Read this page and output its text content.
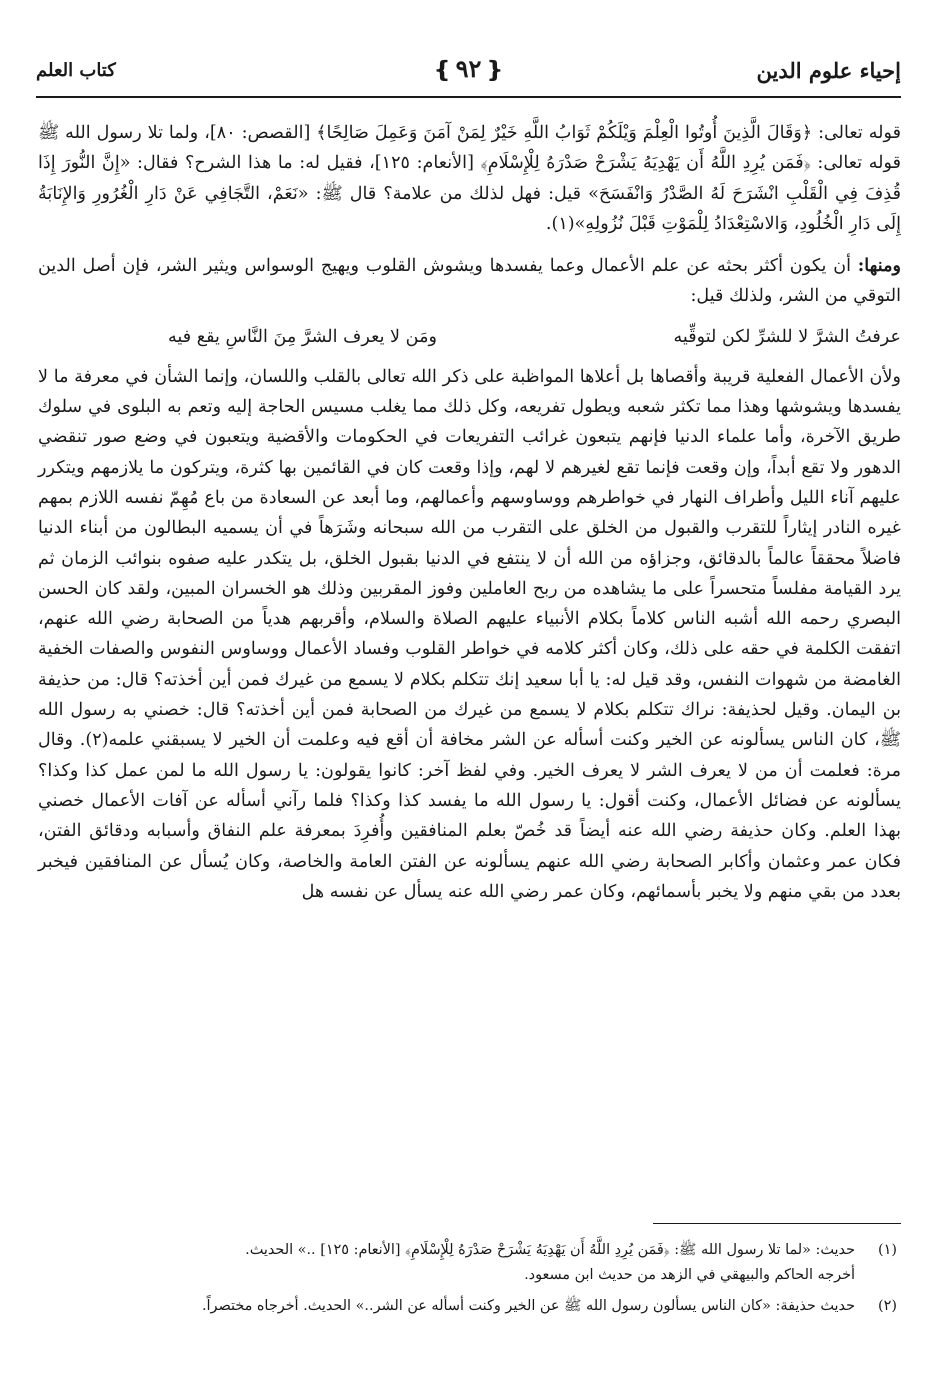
إحياء علوم الدين
❴٩٢❵
كتاب العلم

قوله تعالى: ﴿وَقَالَ الَّذِينَ أُوتُوا الْعِلْمَ وَيْلَكُمْ ثَوَابُ اللَّهِ خَيْرٌ لِمَنْ آمَنَ وَعَمِلَ صَالِحًا﴾ [القصص: ٨٠]، ولما تلا رسول الله ﷺ قوله تعالى: ﴿فَمَن يُرِدِ اللَّهُ أَن يَهْدِيَهُ يَشْرَحْ صَدْرَهُ لِلْإِسْلَامِ﴾ [الأنعام: ١٢٥]، فقيل له: ما هذا الشرح؟ فقال: «إِنَّ النُّورَ إِذَا قُذِفَ فِي الْقَلْبِ انْشَرَحَ لَهُ الصَّدْرُ وَانْفَسَحَ» قيل: فهل لذلك من علامة؟ قال ﷺ: «نَعَمْ، التَّجَافِي عَنْ دَارِ الْغُرُورِ وَالإِنَابَةُ إِلَى دَارِ الْخُلُودِ، وَالاسْتِعْدَادُ لِلْمَوْتِ قَبْلَ نُزُولِهِ»(١).

ومنها: أن يكون أكثر بحثه عن علم الأعمال وعما يفسدها ويشوش القلوب ويهيج الوسواس ويثير الشر، فإن أصل الدين التوقي من الشر، ولذلك قيل:

عرفتُ الشرَّ لا للشرِّ لكن لتوقِّيه
ومَن لا يعرف الشرَّ مِنَ النَّاسِ يقع فيه

ولأن الأعمال الفعلية قريبة وأقصاها بل أعلاها المواظبة على ذكر الله تعالى بالقلب واللسان، وإنما الشأن في معرفة ما لا يفسدها ويشوشها وهذا مما تكثر شعبه ويطول تفريعه، وكل ذلك مما يغلب مسيس الحاجة إليه وتعم به البلوى في سلوك طريق الآخرة، وأما علماء الدنيا فإنهم يتبعون غرائب التفريعات في الحكومات والأقضية ويتعبون في وضع صور تنقضي الدهور ولا تقع أبداً، وإن وقعت فإنما تقع لغيرهم لا لهم، وإذا وقعت كان في القائمين بها كثرة، ويتركون ما يلازمهم ويتكرر عليهم آناء الليل وأطراف النهار في خواطرهم ووساوسهم وأعمالهم، وما أبعد عن السعادة من باع مُهِمّ نفسه اللازم بمهم غيره النادر إيثاراً للتقرب والقبول من الخلق على التقرب من الله سبحانه وشَرَهاً في أن يسميه البطالون من أبناء الدنيا فاضلاً محققاً عالماً بالدقائق، وجزاؤه من الله أن لا ينتفع في الدنيا بقبول الخلق، بل يتكدر عليه صفوه بنوائب الزمان ثم يرد القيامة مفلساً متحسراً على ما يشاهده من ربح العاملين وفوز المقربين وذلك هو الخسران المبين، ولقد كان الحسن البصري رحمه الله أشبه الناس كلاماً بكلام الأنبياء عليهم الصلاة والسلام، وأقربهم هدياً من الصحابة رضي الله عنهم، اتفقت الكلمة في حقه على ذلك، وكان أكثر كلامه في خواطر القلوب وفساد الأعمال ووساوس النفوس والصفات الخفية الغامضة من شهوات النفس، وقد قيل له: يا أبا سعيد إنك تتكلم بكلام لا يسمع من غيرك فمن أين أخذته؟ قال: من حذيفة بن اليمان. وقيل لحذيفة: نراك تتكلم بكلام لا يسمع من غيرك من الصحابة فمن أين أخذته؟ قال: خصني به رسول الله ﷺ، كان الناس يسألونه عن الخير وكنت أسأله عن الشر مخافة أن أقع فيه وعلمت أن الخير لا يسبقني علمه(٢). وقال مرة: فعلمت أن من لا يعرف الشر لا يعرف الخير. وفي لفظ آخر: كانوا يقولون: يا رسول الله ما لمن عمل كذا وكذا؟ يسألونه عن فضائل الأعمال، وكنت أقول: يا رسول الله ما يفسد كذا وكذا؟ فلما رآني أسأله عن آفات الأعمال خصني بهذا العلم. وكان حذيفة رضي الله عنه أيضاً قد خُصّ بعلم المنافقين وأُفرِدَ بمعرفة علم النفاق وأسبابه ودقائق الفتن، فكان عمر وعثمان وأكابر الصحابة رضي الله عنهم يسألونه عن الفتن العامة والخاصة، وكان يُسأل عن المنافقين فيخبر بعدد من بقي منهم ولا يخبر بأسمائهم، وكان عمر رضي الله عنه يسأل عن نفسه هل

(١)

حديث: «لما تلا رسول الله ﷺ: ﴿فَمَن يُرِدِ اللَّهُ أَن يَهْدِيَهُ يَشْرَحْ صَدْرَهُ لِلْإِسْلَامِ﴾ [الأنعام: ١٢٥] ..» الحديث.

أخرجه الحاكم والبيهقي في الزهد من حديث ابن مسعود.

(٢)

حديث حذيفة: «كان الناس يسألون رسول الله ﷺ عن الخير وكنت أسأله عن الشر..» الحديث. أخرجاه مختصراً.
